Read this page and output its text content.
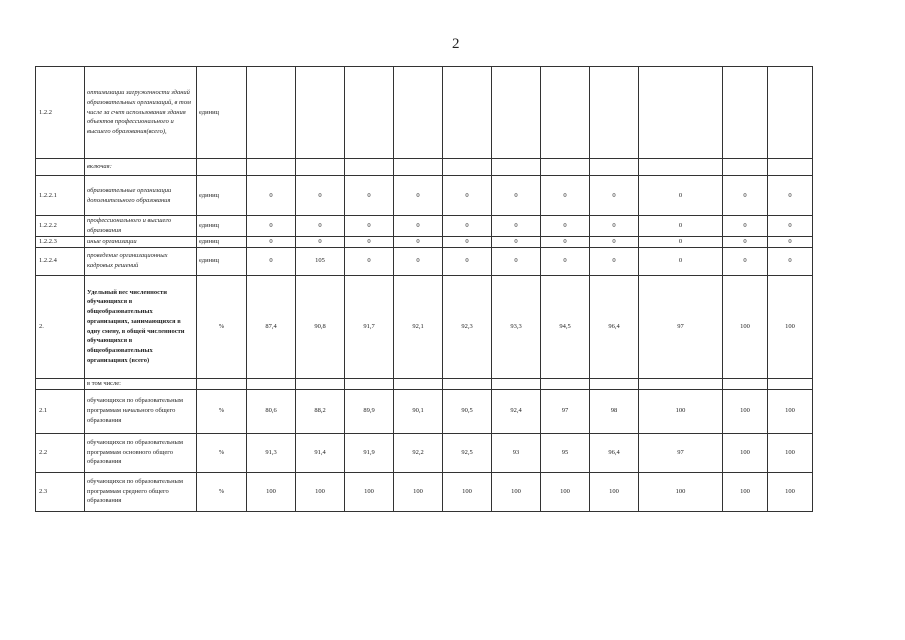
2
1.2.2	оптимизации загруженности зданий образовательных организаций, в том числе за счет использования здания объектов профессионального и высшего образования(всего),	единиц											
	включая:												
1.2.2.1	образовательные организации дополнительного образования	единиц	0	0	0	0	0	0	0	0	0	0	0
1.2.2.2	профессионального и высшего образования	единиц	0	0	0	0	0	0	0	0	0	0	0
1.2.2.3	иные организации	единиц	0	0	0	0	0	0	0	0	0	0	0
1.2.2.4	проведение организационных кадровых решений	единиц	0	105	0	0	0	0	0	0	0	0	0
2.	Удельный вес численности обучающихся в общеобразовательных организациях, занимающихся в одну смену, в общей численности обучающихся в общеобразовательных организациях (всего)	%	87,4	90,8	91,7	92,1	92,3	93,3	94,5	96,4	97	100	100
	в том числе:												
2.1	обучающихся по образовательным программам начального общего образования	%	80,6	88,2	89,9	90,1	90,5	92,4	97	98	100	100	100
2.2	обучающихся по образовательным программам основного общего образования	%	91,3	91,4	91,9	92,2	92,5	93	95	96,4	97	100	100
2.3	обучающихся по образовательным программам среднего общего образования	%	100	100	100	100	100	100	100	100	100	100	100
